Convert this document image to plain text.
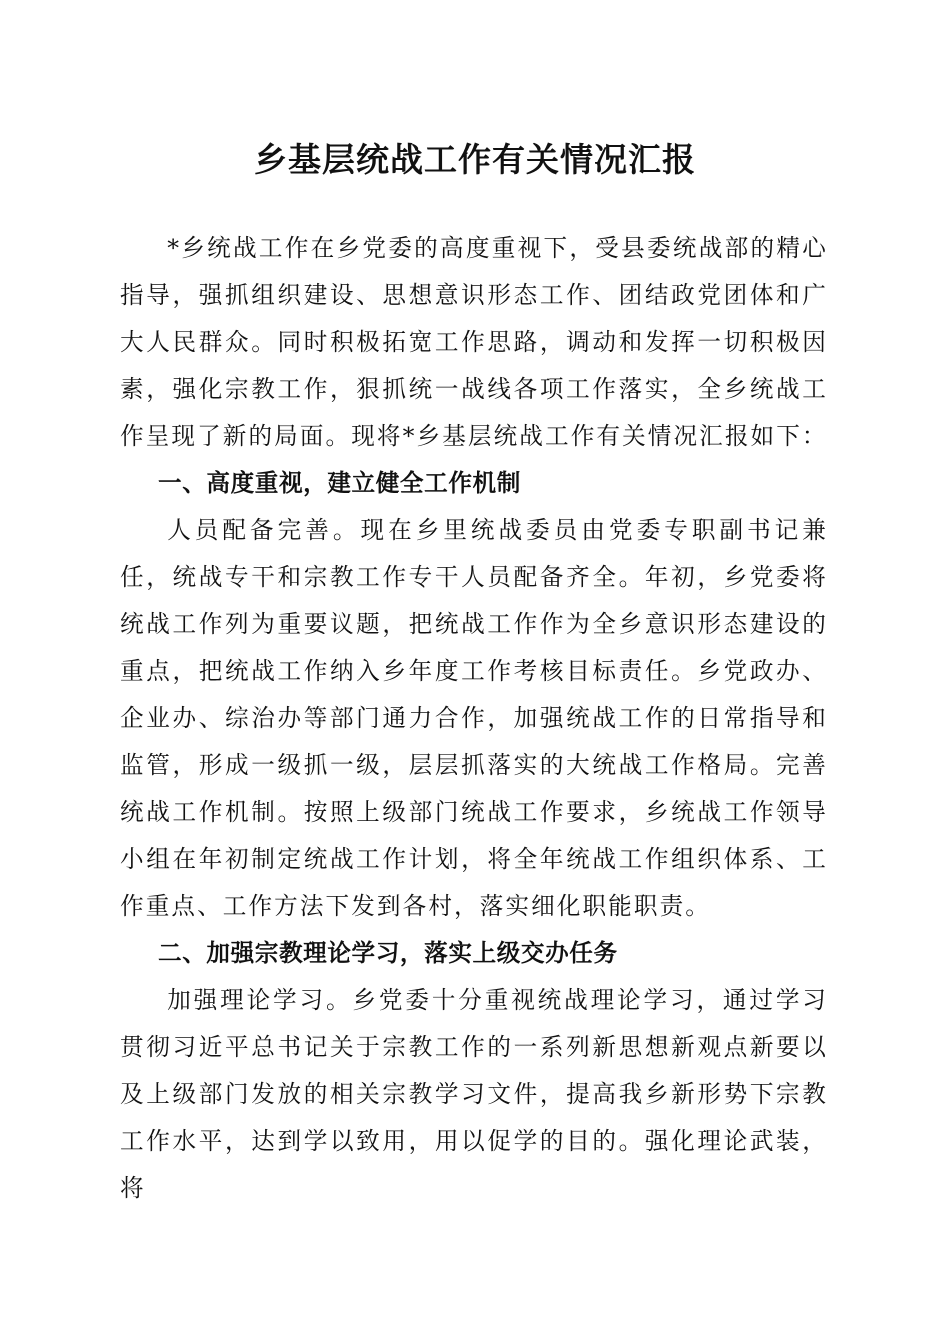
乡基层统战工作有关情况汇报

*乡统战工作在乡党委的高度重视下，受县委统战部的精心指导，强抓组织建设、思想意识形态工作、团结政党团体和广大人民群众。同时积极拓宽工作思路，调动和发挥一切积极因素，强化宗教工作，狠抓统一战线各项工作落实，全乡统战工作呈现了新的局面。现将*乡基层统战工作有关情况汇报如下：

一、高度重视，建立健全工作机制

人员配备完善。现在乡里统战委员由党委专职副书记兼任，统战专干和宗教工作专干人员配备齐全。年初，乡党委将统战工作列为重要议题，把统战工作作为全乡意识形态建设的重点，把统战工作纳入乡年度工作考核目标责任。乡党政办、企业办、综治办等部门通力合作，加强统战工作的日常指导和监管，形成一级抓一级，层层抓落实的大统战工作格局。完善统战工作机制。按照上级部门统战工作要求，乡统战工作领导小组在年初制定统战工作计划，将全年统战工作组织体系、工作重点、工作方法下发到各村，落实细化职能职责。

二、加强宗教理论学习，落实上级交办任务

加强理论学习。乡党委十分重视统战理论学习，通过学习贯彻习近平总书记关于宗教工作的一系列新思想新观点新要以及上级部门发放的相关宗教学习文件，提高我乡新形势下宗教工作水平，达到学以致用，用以促学的目的。强化理论武装，将
